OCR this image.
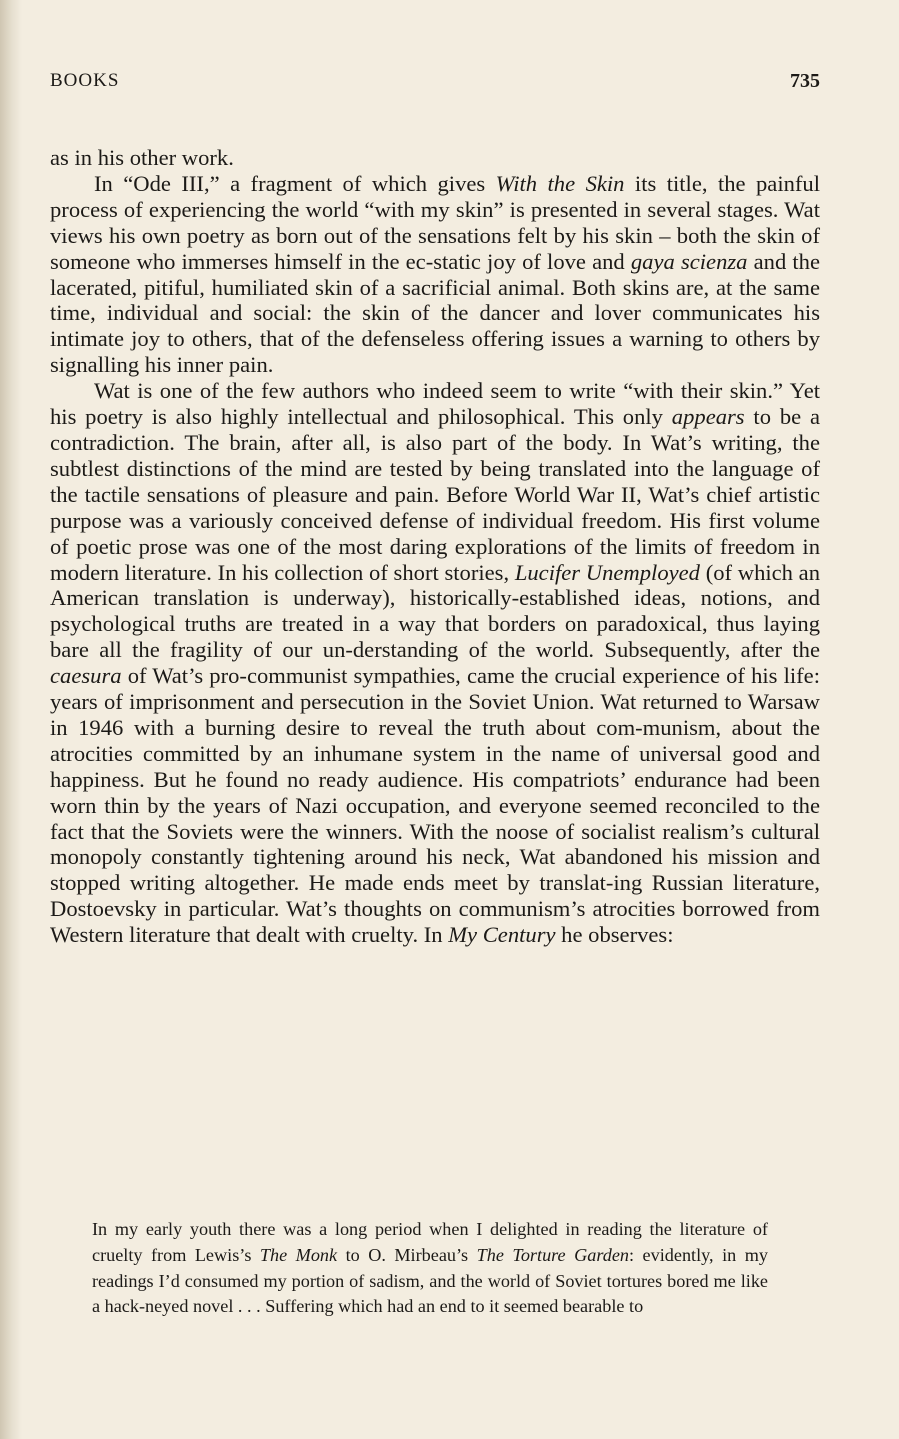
BOOKS	735

as in his other work.

In “Ode III,” a fragment of which gives With the Skin its title, the painful process of experiencing the world “with my skin” is presented in several stages. Wat views his own poetry as born out of the sensations felt by his skin – both the skin of someone who immerses himself in the ec-static joy of love and gaya scienza and the lacerated, pitiful, humiliated skin of a sacrificial animal. Both skins are, at the same time, individual and social: the skin of the dancer and lover communicates his intimate joy to others, that of the defenseless offering issues a warning to others by signalling his inner pain.

Wat is one of the few authors who indeed seem to write “with their skin.” Yet his poetry is also highly intellectual and philosophical. This only appears to be a contradiction. The brain, after all, is also part of the body. In Wat’s writing, the subtlest distinctions of the mind are tested by being translated into the language of the tactile sensations of pleasure and pain. Before World War II, Wat’s chief artistic purpose was a variously conceived defense of individual freedom. His first volume of poetic prose was one of the most daring explorations of the limits of freedom in modern literature. In his collection of short stories, Lucifer Unemployed (of which an American translation is underway), historically-established ideas, notions, and psychological truths are treated in a way that borders on paradoxical, thus laying bare all the fragility of our un-derstanding of the world. Subsequently, after the caesura of Wat’s pro-communist sympathies, came the crucial experience of his life: years of imprisonment and persecution in the Soviet Union. Wat returned to Warsaw in 1946 with a burning desire to reveal the truth about com-munism, about the atrocities committed by an inhumane system in the name of universal good and happiness. But he found no ready audience. His compatriots’ endurance had been worn thin by the years of Nazi occupation, and everyone seemed reconciled to the fact that the Soviets were the winners. With the noose of socialist realism’s cultural monopoly constantly tightening around his neck, Wat abandoned his mission and stopped writing altogether. He made ends meet by translat-ing Russian literature, Dostoevsky in particular. Wat’s thoughts on communism’s atrocities borrowed from Western literature that dealt with cruelty. In My Century he observes:

In my early youth there was a long period when I delighted in reading the literature of cruelty from Lewis’s The Monk to O. Mirbeau’s The Torture Garden: evidently, in my readings I’d consumed my portion of sadism, and the world of Soviet tortures bored me like a hack-neyed novel . . . Suffering which had an end to it seemed bearable to
